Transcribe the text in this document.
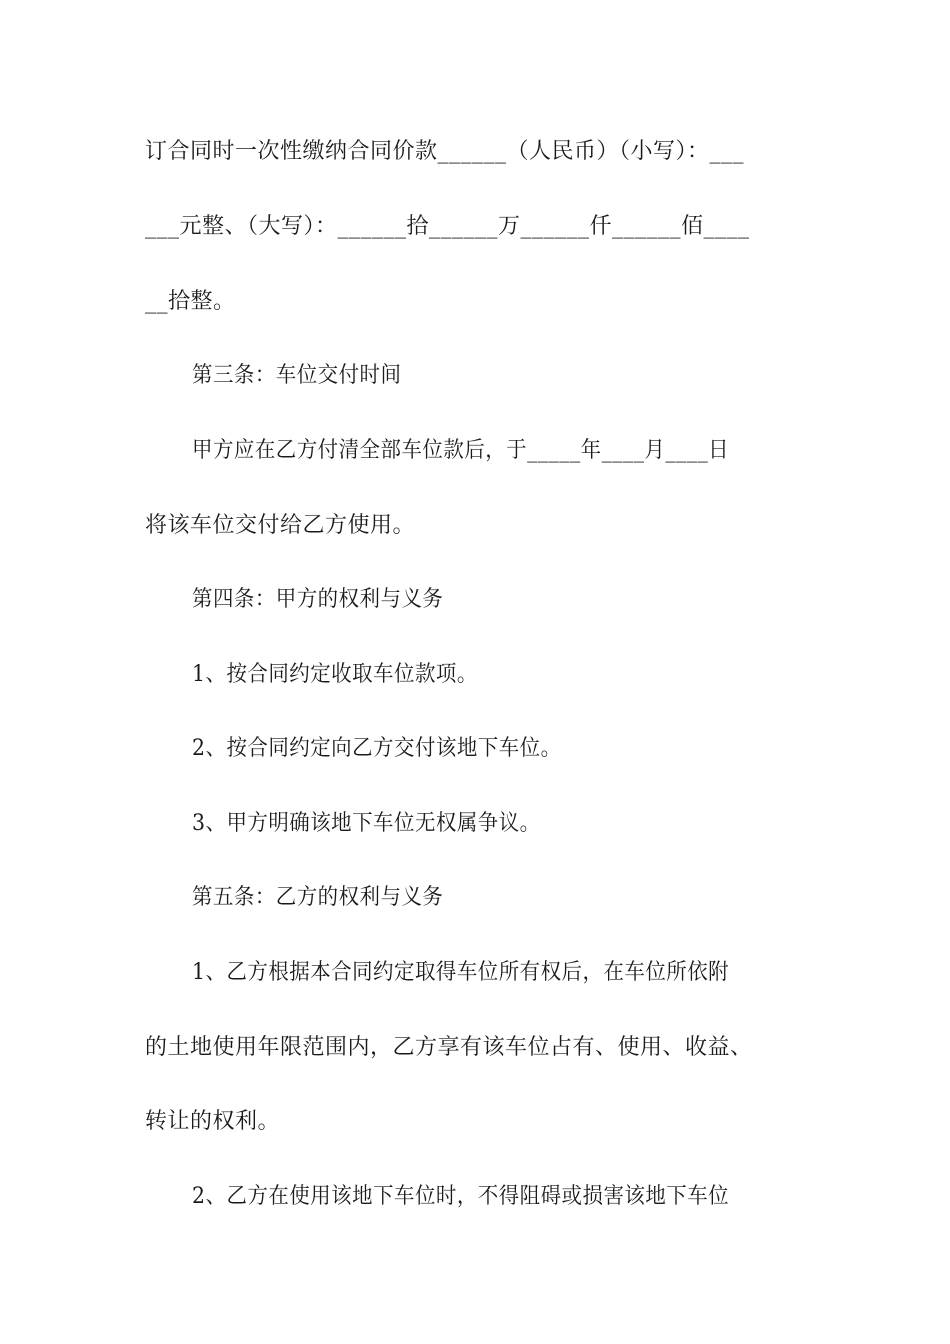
订合同时一次性缴纳合同价款______（人民币）（小写）：___
___元整、（大写）：______拾______万______仟______佰____
__拾整。
第三条：车位交付时间
甲方应在乙方付清全部车位款后，于_____年____月____日
将该车位交付给乙方使用。
第四条：甲方的权利与义务
1、按合同约定收取车位款项。
2、按合同约定向乙方交付该地下车位。
3、甲方明确该地下车位无权属争议。
第五条：乙方的权利与义务
1、乙方根据本合同约定取得车位所有权后，在车位所依附
的土地使用年限范围内，乙方享有该车位占有、使用、收益、
转让的权利。
2、乙方在使用该地下车位时，不得阻碍或损害该地下车位
